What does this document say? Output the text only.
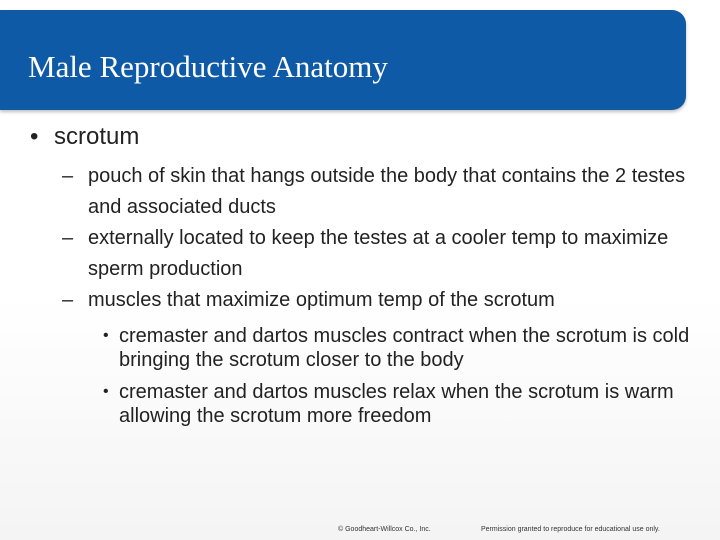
Male Reproductive Anatomy
• scrotum
– pouch of skin that hangs outside the body that contains the 2 testes and associated ducts
– externally located to keep the testes at a cooler temp to maximize sperm production
– muscles that maximize optimum temp of the scrotum
• cremaster and dartos muscles contract when the scrotum is cold bringing the scrotum closer to the body
• cremaster and dartos muscles relax when the scrotum is warm allowing the scrotum more freedom
© Goodheart-Willcox Co., Inc.	Permission granted to reproduce for educational use only.
